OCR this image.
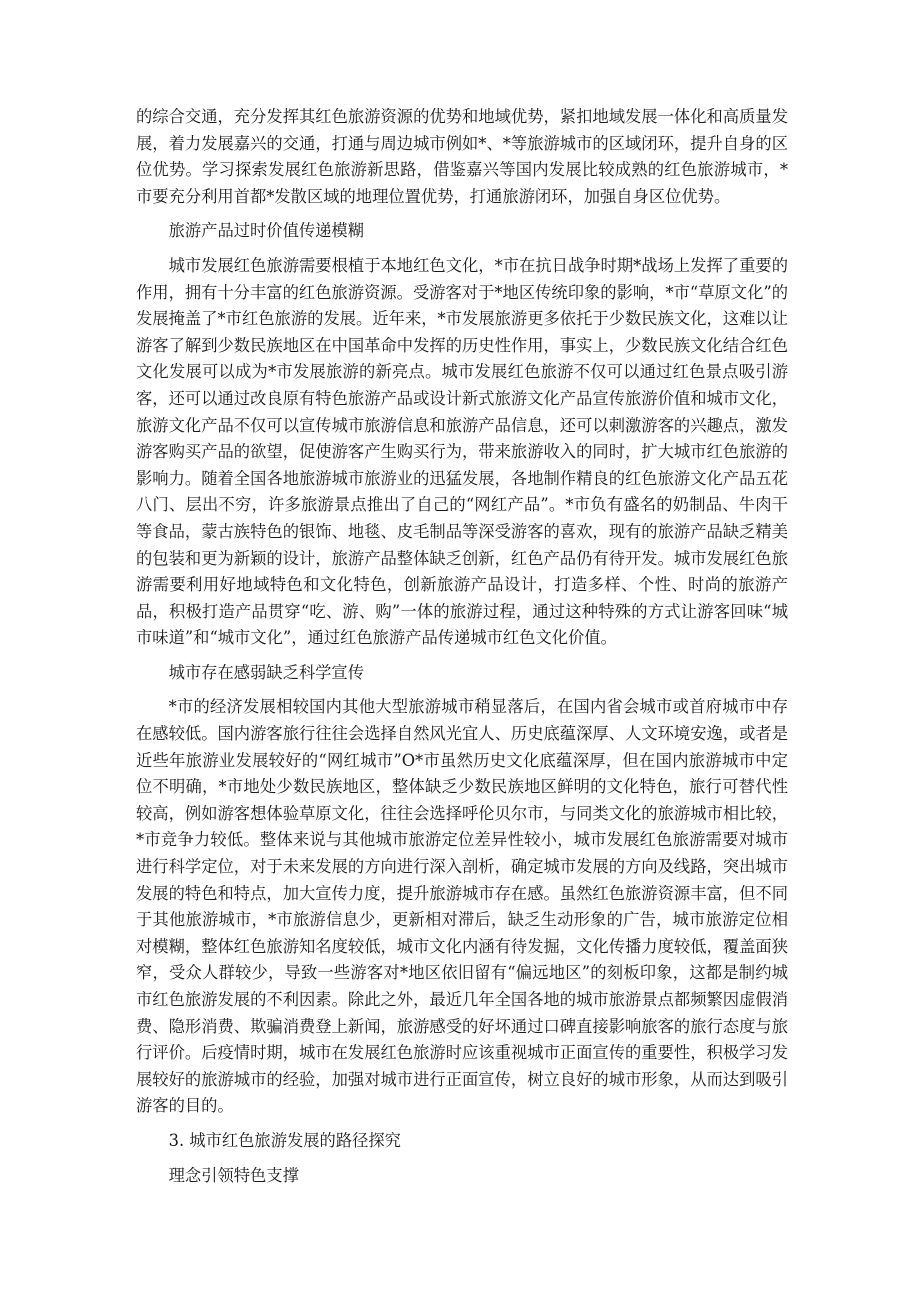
的综合交通，充分发挥其红色旅游资源的优势和地域优势，紧扣地域发展一体化和高质量发展，着力发展嘉兴的交通，打通与周边城市例如*、*等旅游城市的区域闭环，提升自身的区位优势。学习探索发展红色旅游新思路，借鉴嘉兴等国内发展比较成熟的红色旅游城市，*市要充分利用首都*发散区域的地理位置优势，打通旅游闭环，加强自身区位优势。

旅游产品过时价值传递模糊

城市发展红色旅游需要根植于本地红色文化，*市在抗日战争时期*战场上发挥了重要的作用，拥有十分丰富的红色旅游资源。受游客对于*地区传统印象的影响，*市“草原文化”的发展掩盖了*市红色旅游的发展。近年来，*市发展旅游更多依托于少数民族文化，这难以让游客了解到少数民族地区在中国革命中发挥的历史性作用，事实上，少数民族文化结合红色文化发展可以成为*市发展旅游的新亮点。城市发展红色旅游不仅可以通过红色景点吸引游客，还可以通过改良原有特色旅游产品或设计新式旅游文化产品宣传旅游价值和城市文化，旅游文化产品不仅可以宣传城市旅游信息和旅游产品信息，还可以刺激游客的兴趣点，激发游客购买产品的欲望，促使游客产生购买行为，带来旅游收入的同时，扩大城市红色旅游的影响力。随着全国各地旅游城市旅游业的迅猛发展，各地制作精良的红色旅游文化产品五花八门、层出不穷，许多旅游景点推出了自己的“网红产品”。*市负有盛名的奶制品、牛肉干等食品，蒙古族特色的银饰、地毯、皮毛制品等深受游客的喜欢，现有的旅游产品缺乏精美的包装和更为新颖的设计，旅游产品整体缺乏创新，红色产品仍有待开发。城市发展红色旅游需要利用好地域特色和文化特色，创新旅游产品设计，打造多样、个性、时尚的旅游产品，积极打造产品贯穿“吃、游、购”一体的旅游过程，通过这种特殊的方式让游客回味“城市味道”和“城市文化”，通过红色旅游产品传递城市红色文化价值。

城市存在感弱缺乏科学宣传

*市的经济发展相较国内其他大型旅游城市稍显落后，在国内省会城市或首府城市中存在感较低。国内游客旅行往往会选择自然风光宜人、历史底蕴深厚、人文环境安逸，或者是近些年旅游业发展较好的“网红城市”O*市虽然历史文化底蕴深厚，但在国内旅游城市中定位不明确，*市地处少数民族地区，整体缺乏少数民族地区鲜明的文化特色，旅行可替代性较高，例如游客想体验草原文化，往往会选择呼伦贝尔市，与同类文化的旅游城市相比较，*市竞争力较低。整体来说与其他城市旅游定位差异性较小，城市发展红色旅游需要对城市进行科学定位，对于未来发展的方向进行深入剖析，确定城市发展的方向及线路，突出城市发展的特色和特点，加大宣传力度，提升旅游城市存在感。虽然红色旅游资源丰富，但不同于其他旅游城市，*市旅游信息少，更新相对滞后，缺乏生动形象的广告，城市旅游定位相对模糊，整体红色旅游知名度较低，城市文化内涵有待发掘，文化传播力度较低，覆盖面狭窄，受众人群较少，导致一些游客对*地区依旧留有“偏远地区”的刻板印象，这都是制约城市红色旅游发展的不利因素。除此之外，最近几年全国各地的城市旅游景点都频繁因虚假消费、隐形消费、欺骗消费登上新闻，旅游感受的好坏通过口碑直接影响旅客的旅行态度与旅行评价。后疫情时期，城市在发展红色旅游时应该重视城市正面宣传的重要性，积极学习发展较好的旅游城市的经验，加强对城市进行正面宣传，树立良好的城市形象，从而达到吸引游客的目的。

3. 城市红色旅游发展的路径探究

理念引领特色支撑
